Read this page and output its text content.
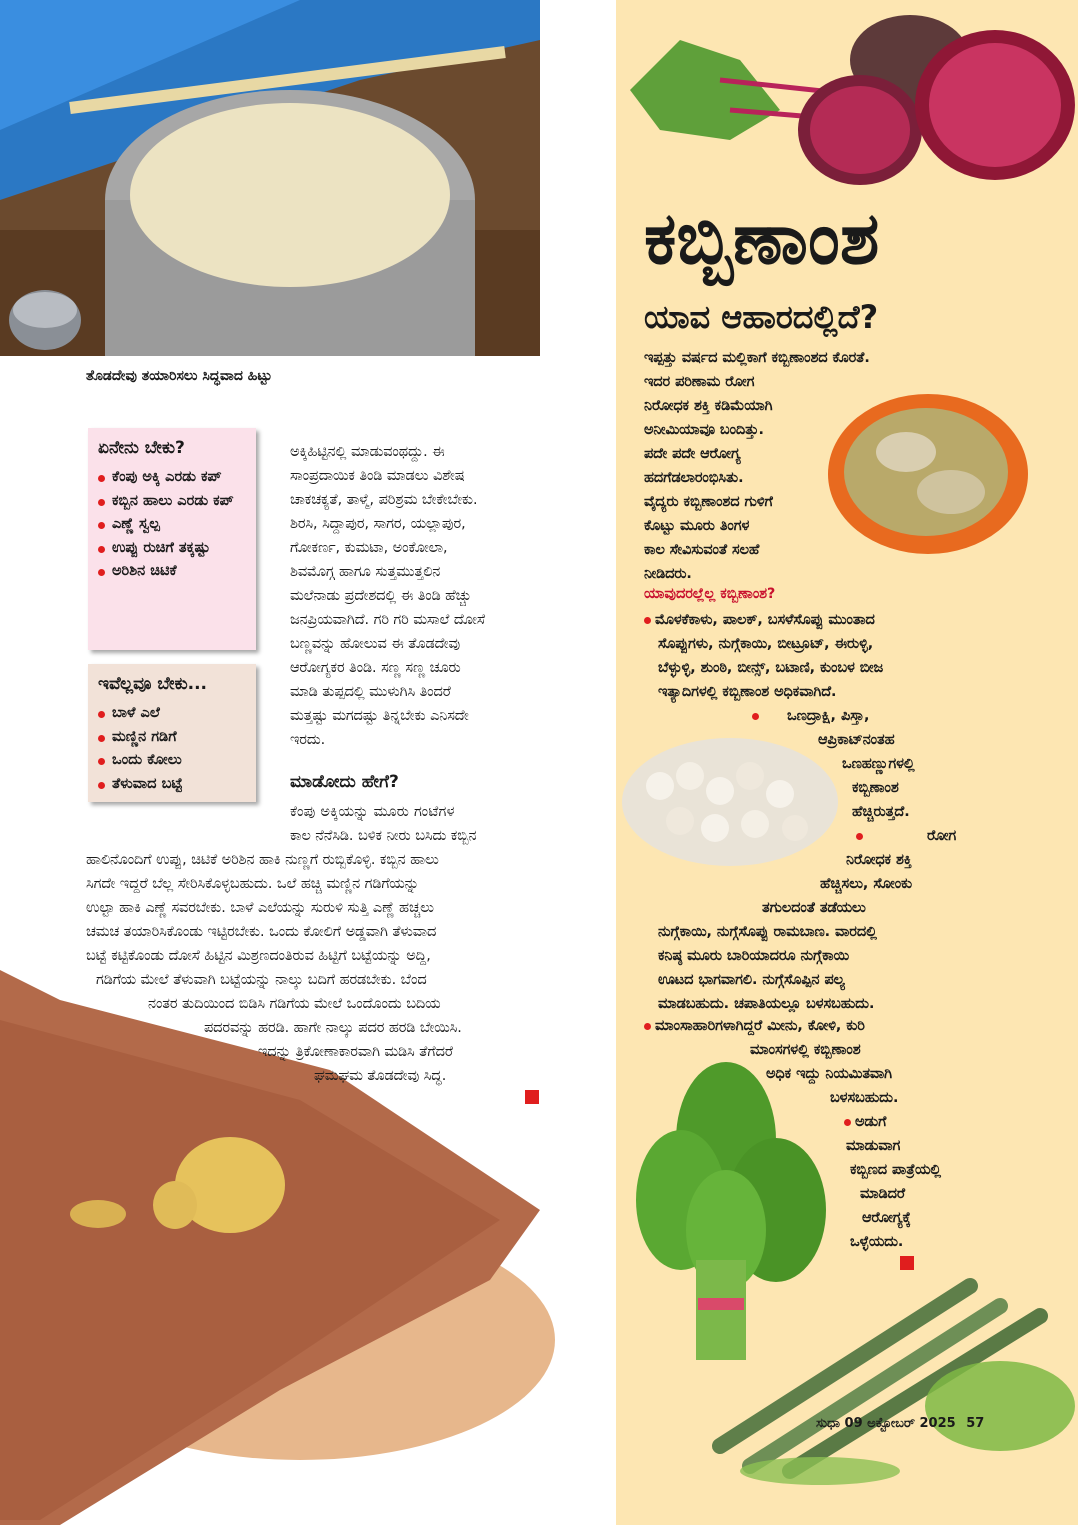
ತೊಡದೇವು ತಯಾರಿಸಲು ಸಿದ್ಧವಾದ ಹಿಟ್ಟು
ಏನೇನು ಬೇಕು?
ಕೆಂಪು ಅಕ್ಕಿ ಎರಡು ಕಪ್
ಕಬ್ಬಿನ ಹಾಲು ಎರಡು ಕಪ್
ಎಣ್ಣೆ ಸ್ವಲ್ಪ
ಉಪ್ಪು ರುಚಿಗೆ ತಕ್ಕಷ್ಟು
ಅರಿಶಿನ ಚಿಟಿಕೆ
ಇವೆಲ್ಲವೂ ಬೇಕು...
ಬಾಳೆ ಎಲೆ
ಮಣ್ಣಿನ ಗಡಿಗೆ
ಒಂದು ಕೋಲು
ತೆಳುವಾದ ಬಟ್ಟೆ
ಅಕ್ಕಿಹಿಟ್ಟಿನಲ್ಲಿ ಮಾಡುವಂಥದ್ದು. ಈ
ಸಾಂಪ್ರದಾಯಿಕ ತಿಂಡಿ ಮಾಡಲು ವಿಶೇಷ
ಚಾಕಚಕ್ಯತೆ, ತಾಳ್ಮೆ, ಪರಿಶ್ರಮ ಬೇಕೇಬೇಕು.
ಶಿರಸಿ, ಸಿದ್ದಾಪುರ, ಸಾಗರ, ಯಲ್ಲಾಪುರ,
ಗೋಕರ್ಣ, ಕುಮಟಾ, ಅಂಕೋಲಾ,
ಶಿವಮೊಗ್ಗ ಹಾಗೂ ಸುತ್ತಮುತ್ತಲಿನ
ಮಲೆನಾಡು ಪ್ರದೇಶದಲ್ಲಿ ಈ ತಿಂಡಿ ಹೆಚ್ಚು
ಜನಪ್ರಿಯವಾಗಿದೆ. ಗರಿ ಗರಿ ಮಸಾಲೆ ದೋಸೆ
ಬಣ್ಣವನ್ನು ಹೋಲುವ ಈ ತೊಡದೇವು
ಆರೋಗ್ಯಕರ ತಿಂಡಿ. ಸಣ್ಣ ಸಣ್ಣ ಚೂರು
ಮಾಡಿ ತುಪ್ಪದಲ್ಲಿ ಮುಳುಗಿಸಿ ತಿಂದರೆ
ಮತ್ತಷ್ಟು ಮಗದಷ್ಟು ತಿನ್ನಬೇಕು ಎನಿಸದೇ
ಇರದು.
ಮಾಡೋದು ಹೇಗೆ?
ಕೆಂಪು ಅಕ್ಕಿಯನ್ನು ಮೂರು ಗಂಟೆಗಳ
ಕಾಲ ನೆನೆಸಿಡಿ. ಬಳಿಕ ನೀರು ಬಸಿದು ಕಬ್ಬಿನ
ಹಾಲಿನೊಂದಿಗೆ ಉಪ್ಪು, ಚಿಟಿಕೆ ಅರಿಶಿನ ಹಾಕಿ ನುಣ್ಣಗೆ ರುಬ್ಬಿಕೊಳ್ಳಿ. ಕಬ್ಬಿನ ಹಾಲು
ಸಿಗದೇ ಇದ್ದರೆ ಬೆಲ್ಲ ಸೇರಿಸಿಕೊಳ್ಳಬಹುದು. ಒಲೆ ಹಚ್ಚಿ ಮಣ್ಣಿನ ಗಡಿಗೆಯನ್ನು
ಉಲ್ಟಾ ಹಾಕಿ ಎಣ್ಣೆ ಸವರಬೇಕು. ಬಾಳೆ ಎಲೆಯನ್ನು ಸುರುಳಿ ಸುತ್ತಿ ಎಣ್ಣೆ ಹಚ್ಚಲು
ಚಮಚ ತಯಾರಿಸಿಕೊಂಡು ಇಟ್ಟಿರಬೇಕು. ಒಂದು ಕೋಲಿಗೆ ಅಡ್ಡವಾಗಿ ತೆಳುವಾದ
ಬಟ್ಟೆ ಕಟ್ಟಿಕೊಂಡು ದೋಸೆ ಹಿಟ್ಟಿನ ಮಿಶ್ರಣದಂತಿರುವ ಹಿಟ್ಟಿಗೆ ಬಟ್ಟೆಯನ್ನು ಅದ್ದಿ,
ಗಡಿಗೆಯ ಮೇಲೆ ತೆಳುವಾಗಿ ಬಟ್ಟೆಯನ್ನು ನಾಲ್ಕು ಬದಿಗೆ ಹರಡಬೇಕು. ಬೆಂದ
ನಂತರ ತುದಿಯಿಂದ ಬಿಡಿಸಿ ಗಡಿಗೆಯ ಮೇಲೆ ಒಂದೊಂದು ಬದಿಯ
ಪದರವನ್ನು ಹರಡಿ. ಹಾಗೇ ನಾಲ್ಕು ಪದರ ಹರಡಿ ಬೇಯಿಸಿ.
ಇದನ್ನು ತ್ರಿಕೋಣಾಕಾರವಾಗಿ ಮಡಿಸಿ ತೆಗೆದರೆ
ಘಮಘಮ ತೊಡದೇವು ಸಿದ್ಧ.
ಕಬ್ಬಿಣಾಂಶ
ಯಾವ ಆಹಾರದಲ್ಲಿದೆ?
ಇಪ್ಪತ್ತು ವರ್ಷದ ಮಲ್ಲಿಕಾಗೆ ಕಬ್ಬಿಣಾಂಶದ ಕೊರತೆ.
ಇದರ ಪರಿಣಾಮ ರೋಗ
ನಿರೋಧಕ ಶಕ್ತಿ ಕಡಿಮೆಯಾಗಿ
ಅನೀಮಿಯಾವೂ ಬಂದಿತ್ತು.
ಪದೇ ಪದೇ ಆರೋಗ್ಯ
ಹದಗೆಡಲಾರಂಭಿಸಿತು.
ವೈದ್ಯರು ಕಬ್ಬಿಣಾಂಶದ ಗುಳಿಗೆ
ಕೊಟ್ಟು ಮೂರು ತಿಂಗಳ
ಕಾಲ ಸೇವಿಸುವಂತೆ ಸಲಹೆ
ನೀಡಿದರು.
ಯಾವುದರಲ್ಲೆಲ್ಲ ಕಬ್ಬಿಣಾಂಶ?
ಮೊಳಕೆಕಾಳು, ಪಾಲಕ್‌, ಬಸಳೆಸೊಪ್ಪು ಮುಂತಾದ
ಸೊಪ್ಪುಗಳು, ನುಗ್ಗೆಕಾಯಿ, ಬೀಟ್ರೂಟ್‌, ಈರುಳ್ಳಿ,
ಬೆಳ್ಳುಳ್ಳಿ, ಶುಂಠಿ, ಬೀನ್ಸ್‌, ಬಟಾಣಿ, ಕುಂಬಳ ಬೀಜ
ಇತ್ಯಾದಿಗಳಲ್ಲಿ ಕಬ್ಬಿಣಾಂಶ ಅಧಿಕವಾಗಿದೆ.
ಒಣದ್ರಾಕ್ಷಿ, ಪಿಸ್ತಾ,
ಆಪ್ರಿಕಾಟ್‌ನಂತಹ
ಒಣಹಣ್ಣುಗಳಲ್ಲಿ
ಕಬ್ಬಿಣಾಂಶ
ಹೆಚ್ಚಿರುತ್ತದೆ.
ರೋಗ
ನಿರೋಧಕ ಶಕ್ತಿ
ಹೆಚ್ಚಿಸಲು, ಸೋಂಕು
ತಗುಲದಂತೆ ತಡೆಯಲು
ನುಗ್ಗೆಕಾಯಿ, ನುಗ್ಗೆಸೊಪ್ಪು ರಾಮಬಾಣ. ವಾರದಲ್ಲಿ
ಕನಿಷ್ಠ ಮೂರು ಬಾರಿಯಾದರೂ ನುಗ್ಗೆಕಾಯಿ
ಊಟದ ಭಾಗವಾಗಲಿ. ನುಗ್ಗೆಸೊಪ್ಪಿನ ಪಲ್ಯ
ಮಾಡಬಹುದು. ಚಪಾತಿಯಲ್ಲೂ ಬಳಸಬಹುದು.
ಮಾಂಸಾಹಾರಿಗಳಾಗಿದ್ದರೆ ಮೀನು, ಕೋಳಿ, ಕುರಿ
ಮಾಂಸಗಳಲ್ಲಿ ಕಬ್ಬಿಣಾಂಶ
ಅಧಿಕ ಇದ್ದು ನಿಯಮಿತವಾಗಿ
ಬಳಸಬಹುದು.
ಅಡುಗೆ
ಮಾಡುವಾಗ
ಕಬ್ಬಿಣದ ಪಾತ್ರೆಯಲ್ಲಿ
ಮಾಡಿದರೆ
ಆರೋಗ್ಯಕ್ಕೆ
ಒಳ್ಳೆಯದು.
ಸುಧಾ 09 ಅಕ್ಟೋಬರ್ 2025 57
